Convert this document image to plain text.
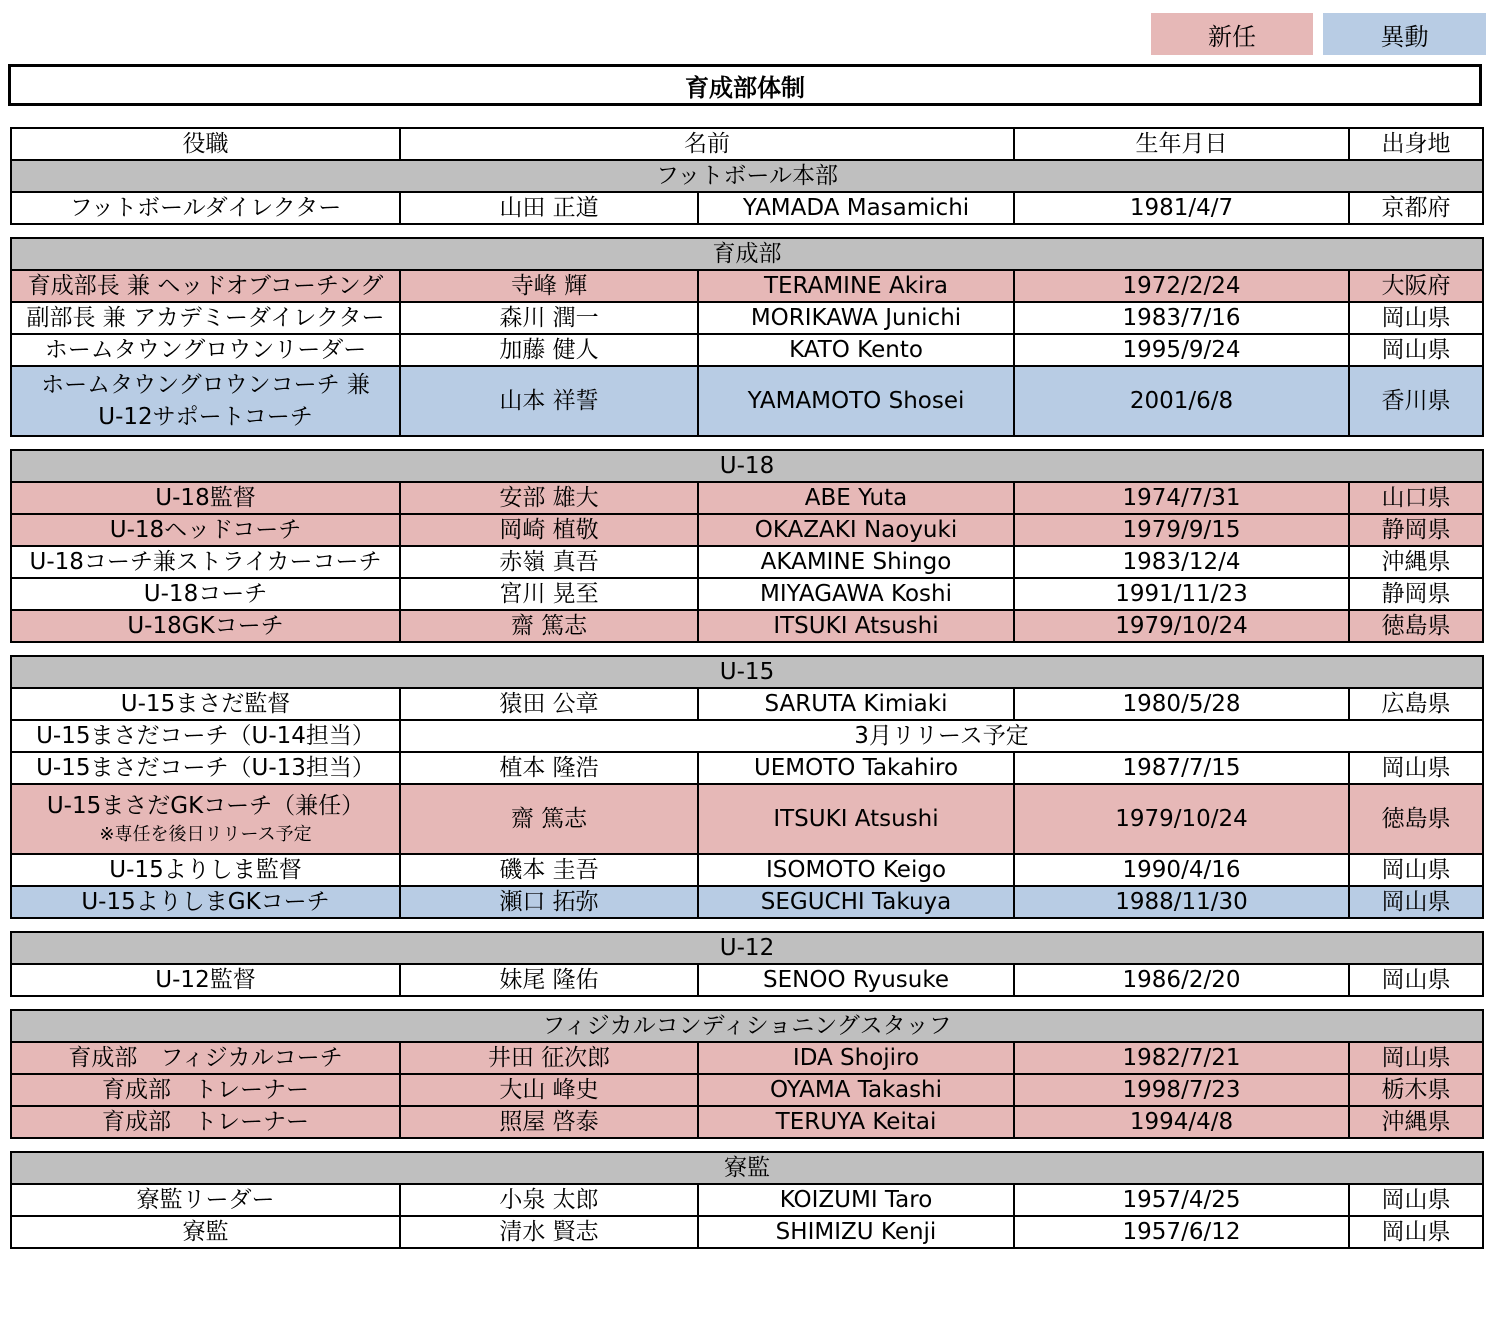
新任	異動
育成部体制
役職	名前		生年月日	出身地
フットボール本部				
フットボールダイレクター	山田 正道	YAMADA Masamichi	1981/4/7	京都府

育成部				
育成部長 兼 ヘッドオブコーチング	寺峰 輝	TERAMINE Akira	1972/2/24	大阪府
副部長 兼 アカデミーダイレクター	森川 潤一	MORIKAWA Junichi	1983/7/16	岡山県
ホームタウングロウンリーダー	加藤 健人	KATO Kento	1995/9/24	岡山県

ホームタウングロウンコーチ 兼
U-12サポートコーチ	山本 祥誓	YAMAMOTO Shosei	2001/6/8	香川県

U-18				
U-18監督	安部 雄大	ABE Yuta	1974/7/31	山口県
U-18ヘッドコーチ	岡崎 植敬	OKAZAKI Naoyuki	1979/9/15	静岡県
U-18コーチ兼ストライカーコーチ	赤嶺 真吾	AKAMINE Shingo	1983/12/4	沖縄県
U-18コーチ	宮川 晃至	MIYAGAWA Koshi	1991/11/23	静岡県
U-18GKコーチ	齋 篤志	ITSUKI Atsushi	1979/10/24	徳島県

U-15				
U-15まさだ監督	猿田 公章	SARUTA Kimiaki	1980/5/28	広島県
U-15まさだコーチ（U-14担当）	3月リリース予定			
U-15まさだコーチ（U-13担当）	植本 隆浩	UEMOTO Takahiro	1987/7/15	岡山県

U-15まさだGKコーチ（兼任）
※専任を後日リリース予定	齋 篤志	ITSUKI Atsushi	1979/10/24	徳島県
U-15よりしま監督	磯本 圭吾	ISOMOTO Keigo	1990/4/16	岡山県
U-15よりしまGKコーチ	瀬口 拓弥	SEGUCHI Takuya	1988/11/30	岡山県

U-12				
U-12監督	妹尾 隆佑	SENOO Ryusuke	1986/2/20	岡山県

フィジカルコンディショニングスタッフ				
育成部　フィジカルコーチ	井田 征次郎	IDA Shojiro	1982/7/21	岡山県
育成部　トレーナー	大山 峰史	OYAMA Takashi	1998/7/23	栃木県
育成部　トレーナー	照屋 啓泰	TERUYA Keitai	1994/4/8	沖縄県

寮監				
寮監リーダー	小泉 太郎	KOIZUMI Taro	1957/4/25	岡山県
寮監	清水 賢志	SHIMIZU Kenji	1957/6/12	岡山県
